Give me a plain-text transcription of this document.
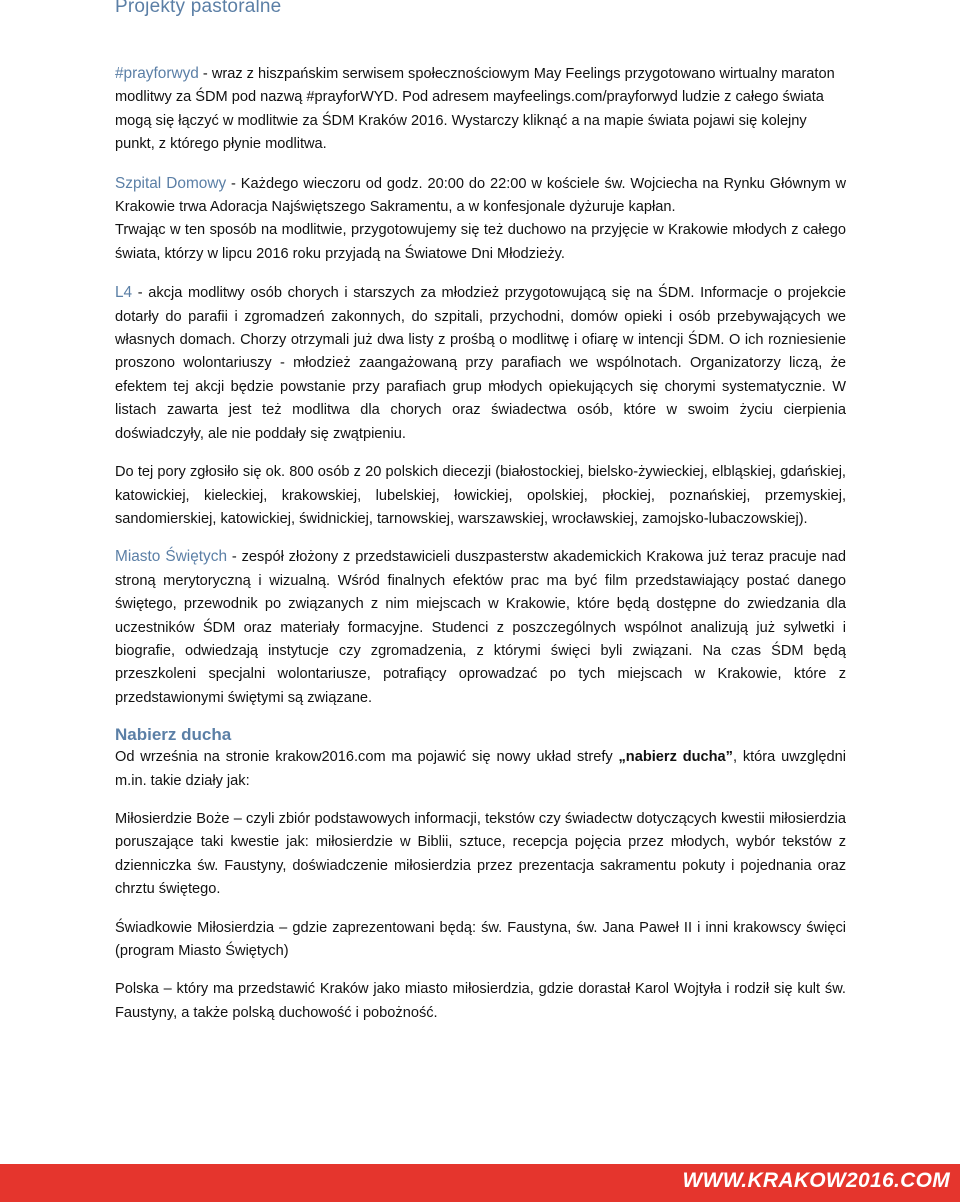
Projekty pastoralne

#prayforwyd - wraz z hiszpańskim serwisem społecznościowym May Feelings przygotowano wirtualny maraton modlitwy za ŚDM pod nazwą #prayforWYD. Pod adresem mayfeelings.com/prayforwyd ludzie z całego świata mogą się łączyć w modlitwie za ŚDM Kraków 2016. Wystarczy kliknąć a na mapie świata pojawi się kolejny punkt, z którego płynie modlitwa.

Szpital Domowy - Każdego wieczoru od godz. 20:00 do 22:00 w kościele św. Wojciecha na Rynku Głównym w Krakowie trwa Adoracja Najświętszego Sakramentu, a w konfesjonale dyżuruje kapłan.

Trwając w ten sposób na modlitwie, przygotowujemy się też duchowo na przyjęcie w Krakowie młodych z całego świata, którzy w lipcu 2016 roku przyjadą na Światowe Dni Młodzieży.

L4 - akcja modlitwy osób chorych i starszych za młodzież przygotowującą się na ŚDM. Informacje o projekcie dotarły do parafii i zgromadzeń zakonnych, do szpitali, przychodni, domów opieki i osób przebywających we własnych domach. Chorzy otrzymali już dwa listy z prośbą o modlitwę i ofiarę w intencji ŚDM. O ich rozniesienie proszono wolontariuszy - młodzież zaangażowaną przy parafiach we wspólnotach. Organizatorzy liczą, że efektem tej akcji będzie powstanie przy parafiach grup młodych opiekujących się chorymi systematycznie. W listach zawarta jest też modlitwa dla chorych oraz świadectwa osób, które w swoim życiu cierpienia doświadczyły, ale nie poddały się zwątpieniu.

Do tej pory zgłosiło się ok. 800 osób z 20 polskich diecezji (białostockiej, bielsko-żywieckiej, elbląskiej, gdańskiej, katowickiej, kieleckiej, krakowskiej, lubelskiej, łowickiej, opolskiej, płockiej, poznańskiej, przemyskiej, sandomierskiej, katowickiej, świdnickiej, tarnowskiej, warszawskiej, wrocławskiej, zamojsko-lubaczowskiej).

Miasto Świętych - zespół złożony z przedstawicieli duszpasterstw akademickich Krakowa już teraz pracuje nad stroną merytoryczną i wizualną. Wśród finalnych efektów prac ma być film przedstawiający postać danego świętego, przewodnik po związanych z nim miejscach w Krakowie, które będą dostępne do zwiedzania dla uczestników ŚDM oraz materiały formacyjne. Studenci z poszczególnych wspólnot analizują już sylwetki i biografie, odwiedzają instytucje czy zgromadzenia, z którymi święci byli związani. Na czas ŚDM będą przeszkoleni specjalni wolontariusze, potrafiący oprowadzać po tych miejscach w Krakowie, które z przedstawionymi świętymi są związane.

Nabierz ducha

Od września na stronie krakow2016.com ma pojawić się nowy układ strefy „nabierz ducha”, która uwzględni m.in. takie działy jak:

Miłosierdzie Boże – czyli zbiór podstawowych informacji, tekstów czy świadectw dotyczących kwestii miłosierdzia poruszające taki kwestie jak: miłosierdzie w Biblii, sztuce, recepcja pojęcia przez młodych, wybór tekstów z dzienniczka św. Faustyny, doświadczenie miłosierdzia przez prezentacja sakramentu pokuty i pojednania oraz chrztu świętego.

Świadkowie Miłosierdzia – gdzie zaprezentowani będą: św. Faustyna, św. Jana Paweł II i inni krakowscy święci (program Miasto Świętych)

Polska – który ma przedstawić Kraków jako miasto miłosierdzia, gdzie dorastał Karol Wojtyła i rodził się kult św. Faustyny, a także polską duchowość i pobożność.

WWW.KRAKOW2016.COM
